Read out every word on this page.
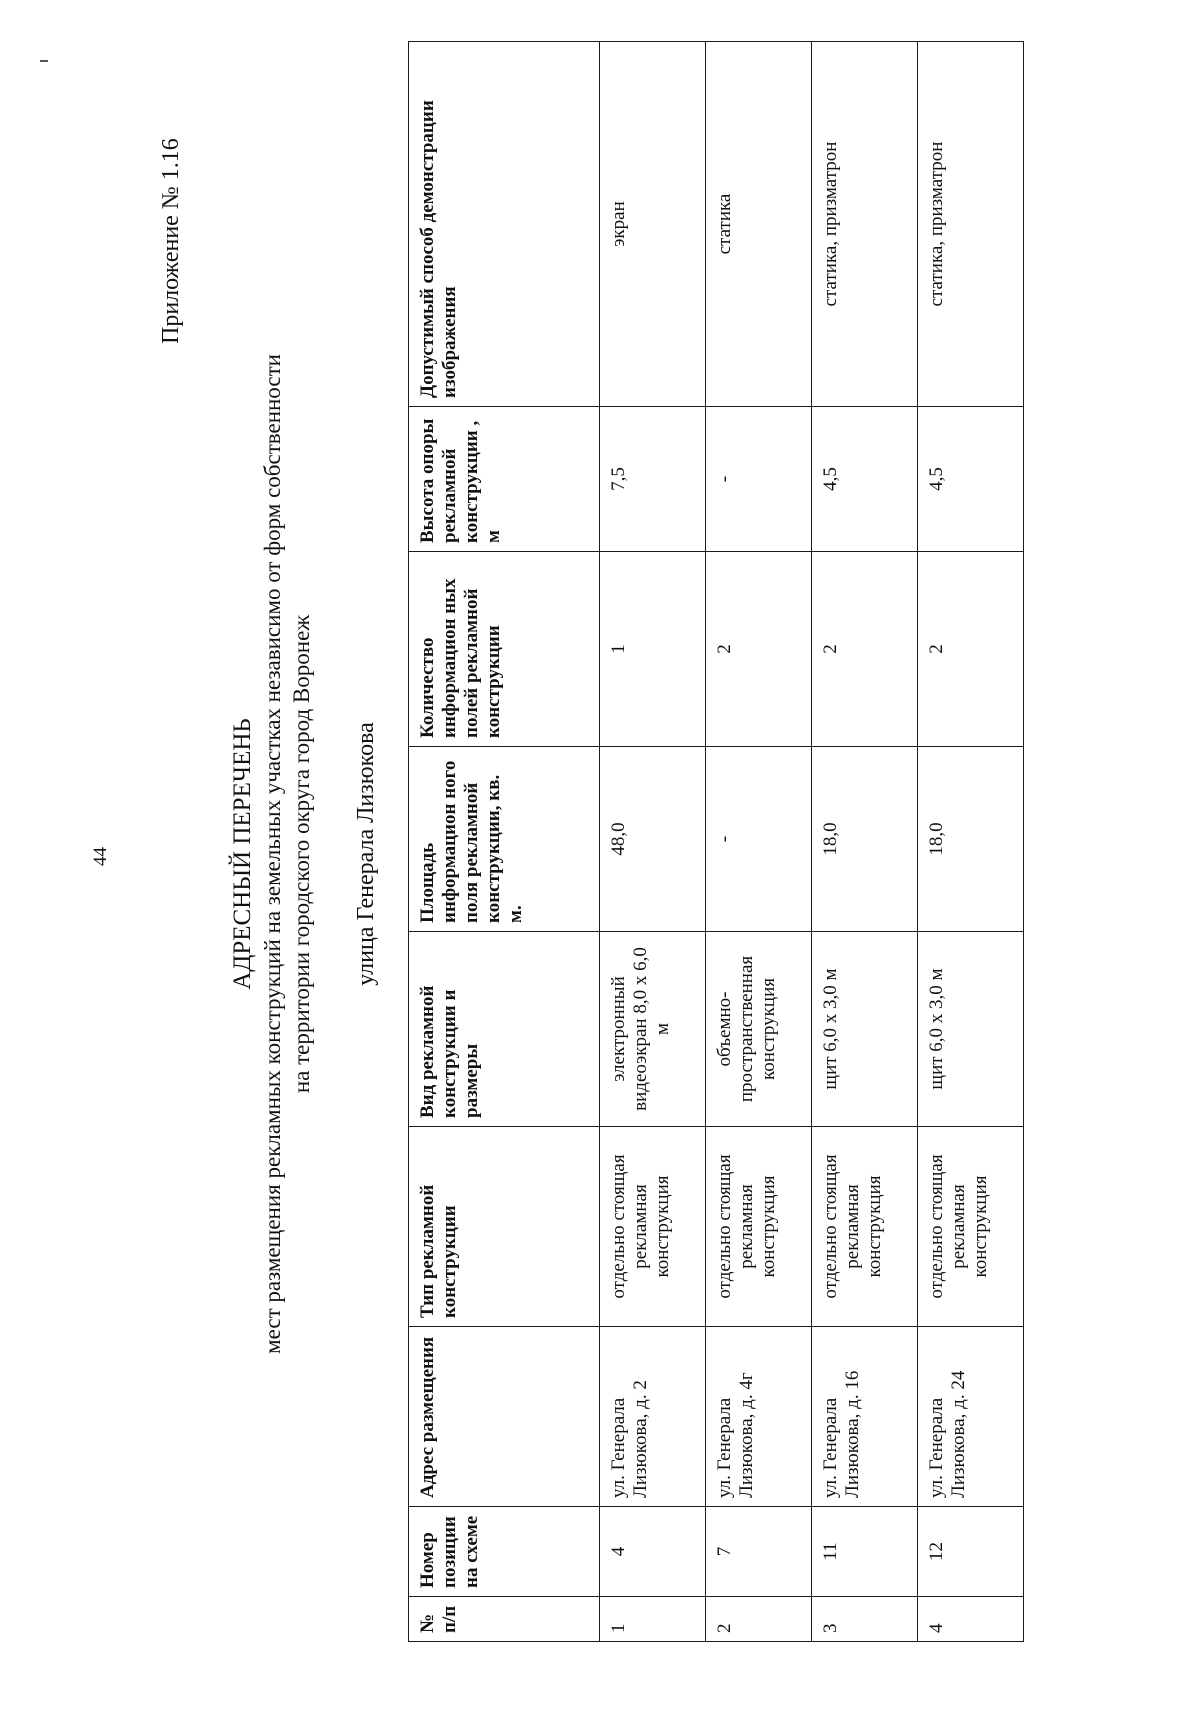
44
Приложение № 1.16
АДРЕСНЫЙ ПЕРЕЧЕНЬ мест размещения рекламных конструкций на земельных участках независимо от форм собственности на территории городского округа город Воронеж улица Генерала Лизюкова
№ п/п	Номер позиции на схеме	Адрес размещения	Тип рекламной конструкции	Вид рекламной конструкции и размеры	Площадь информацион ного поля рекламной конструкции, кв. м.	Количество информацион ных полей рекламной конструкции	Высота опоры рекламной конструкции , м	Допустимый способ демонстрации изображения
1	4	ул. Генерала Лизюкова, д. 2	отдельно стоящая рекламная конструкция	электронный видеоэкран 8,0 х 6,0 м	48,0	1	7,5	экран
2	7	ул. Генерала Лизюкова, д. 4г	отдельно стоящая рекламная конструкция	объемно-пространственная конструкция	-	2	-	статика
3	11	ул. Генерала Лизюкова, д. 16	отдельно стоящая рекламная конструкция	щит 6,0 х 3,0 м	18,0	2	4,5	статика, призматрон
4	12	ул. Генерала Лизюкова, д. 24	отдельно стоящая рекламная конструкция	щит 6,0 х 3,0 м	18,0	2	4,5	статика, призматрон
